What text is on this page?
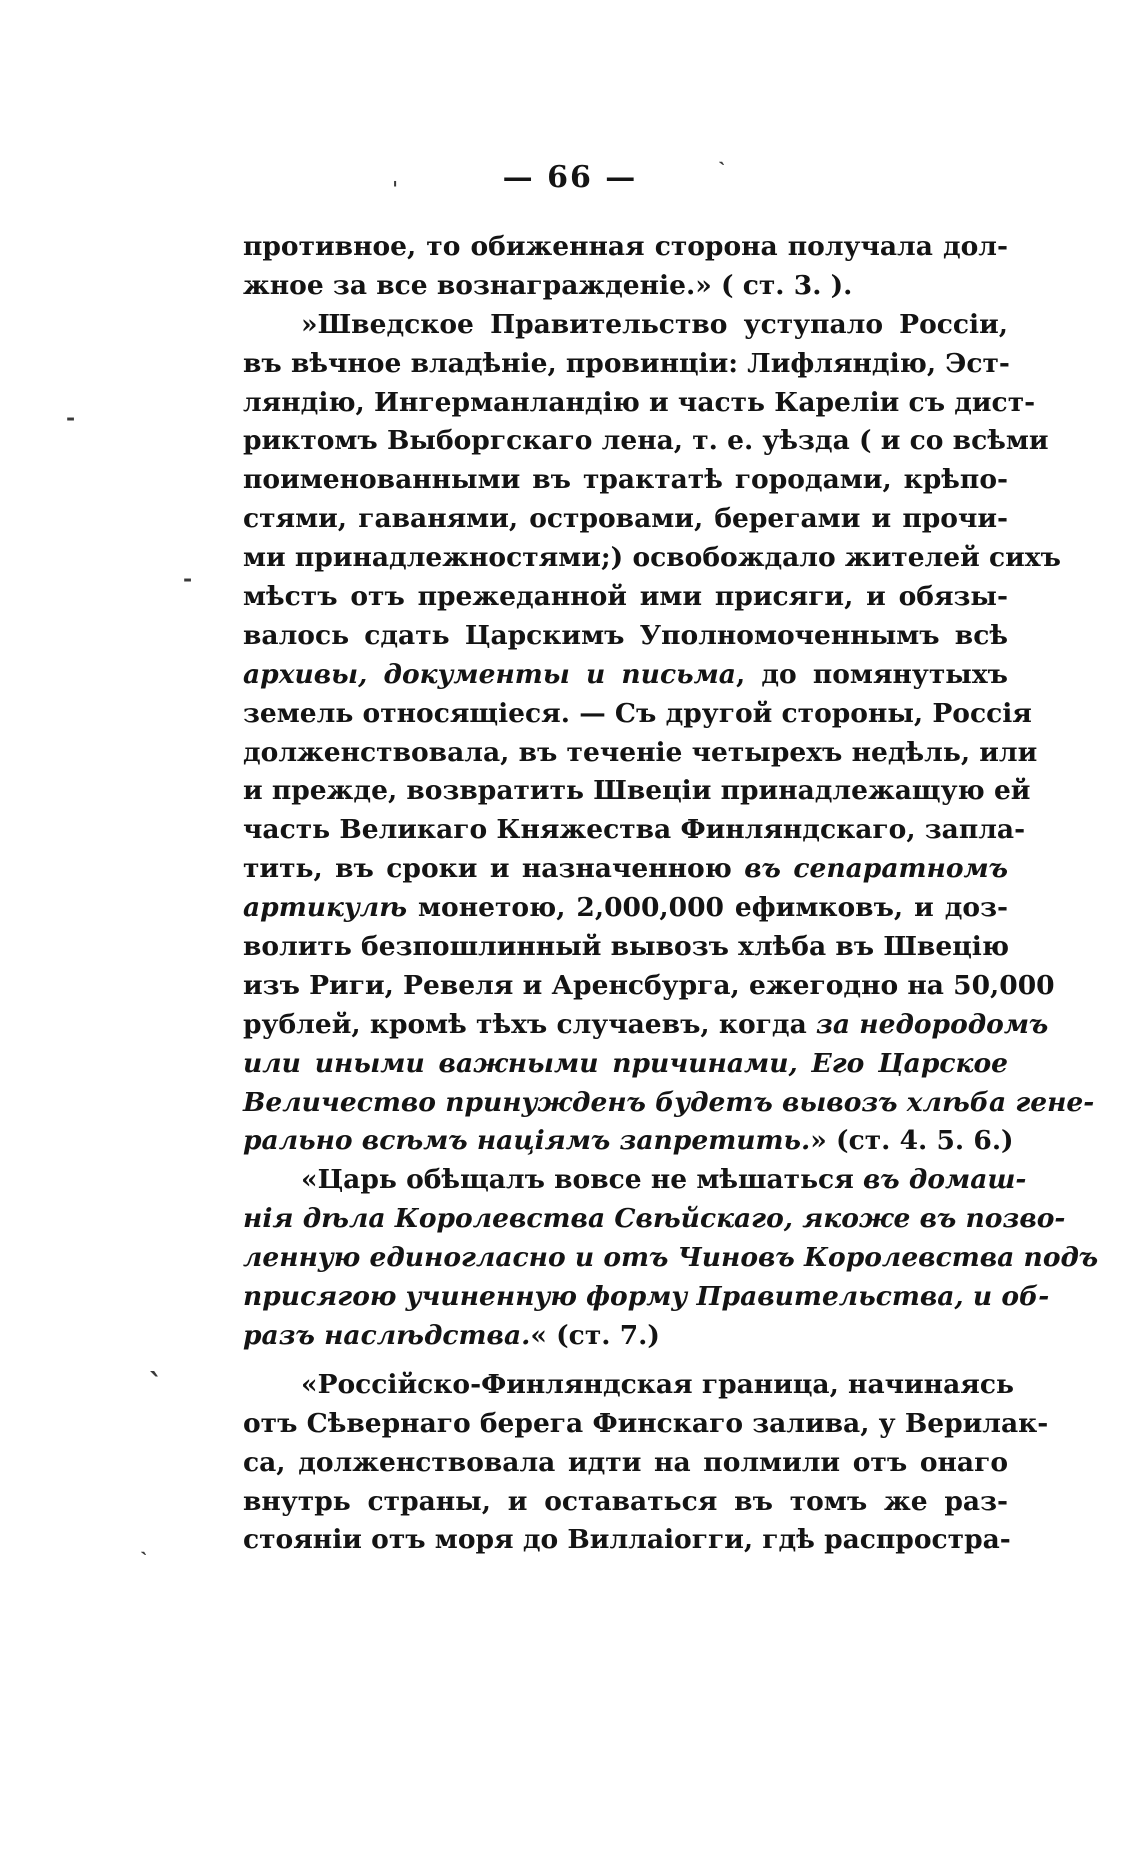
— 66 —
противное, то обиженная сторона получала дол-
жное за все вознагражденіе.» ( ст. 3. ).
»Шведское Правительство уступало Россіи,
въ вѣчное владѣніе, провинціи: Лифляндію, Эст-
ляндію, Ингерманландію и часть Кареліи съ дист-
риктомъ Выборгскаго лена, т. е. уѣзда ( и со всѣми
поименованными въ трактатѣ городами, крѣпо-
стями, гаванями, островами, берегами и прочи-
ми принадлежностями;) освобождало жителей сихъ
мѣстъ отъ прежеданной ими присяги, и обязы-
валось сдать Царскимъ Уполномоченнымъ всѣ
архивы, документы и письма, до помянутыхъ
земель относящіеся. — Съ другой стороны, Россія
долженствовала, въ теченіе четырехъ недѣль, или
и прежде, возвратить Швеціи принадлежащую ей
часть Великаго Княжества Финляндскаго, запла-
тить, въ сроки и назначенною въ сепаратномъ
артикулѣ монетою, 2,000,000 ефимковъ, и доз-
волить безпошлинный вывозъ хлѣба въ Швецію
изъ Риги, Ревеля и Аренсбурга, ежегодно на 50,000
рублей, кромѣ тѣхъ случаевъ, когда за недородомъ
или иными важными причинами, Его Царское
Величество принужденъ будетъ вывозъ хлѣба гене-
рально всѣмъ націямъ запретить.» (ст. 4. 5. 6.)
«Царь обѣщалъ вовсе не мѣшаться въ домаш-
нія дѣла Королевства Свѣйскаго, якоже въ позво-
ленную единогласно и отъ Чиновъ Королевства подъ
присягою учиненную форму Правительства, и об-
разъ наслѣдства.« (ст. 7.)
«Россійско-Финляндская граница, начинаясь
отъ Сѣвернаго берега Финскаго залива, у Верилак-
са, долженствовала идти на полмили отъ онаго
внутрь страны, и оставаться въ томъ же раз-
стояніи отъ моря до Виллаіогги, гдѣ распростра-
ˈ
ˎ
-
-
ˎ
ˋ
